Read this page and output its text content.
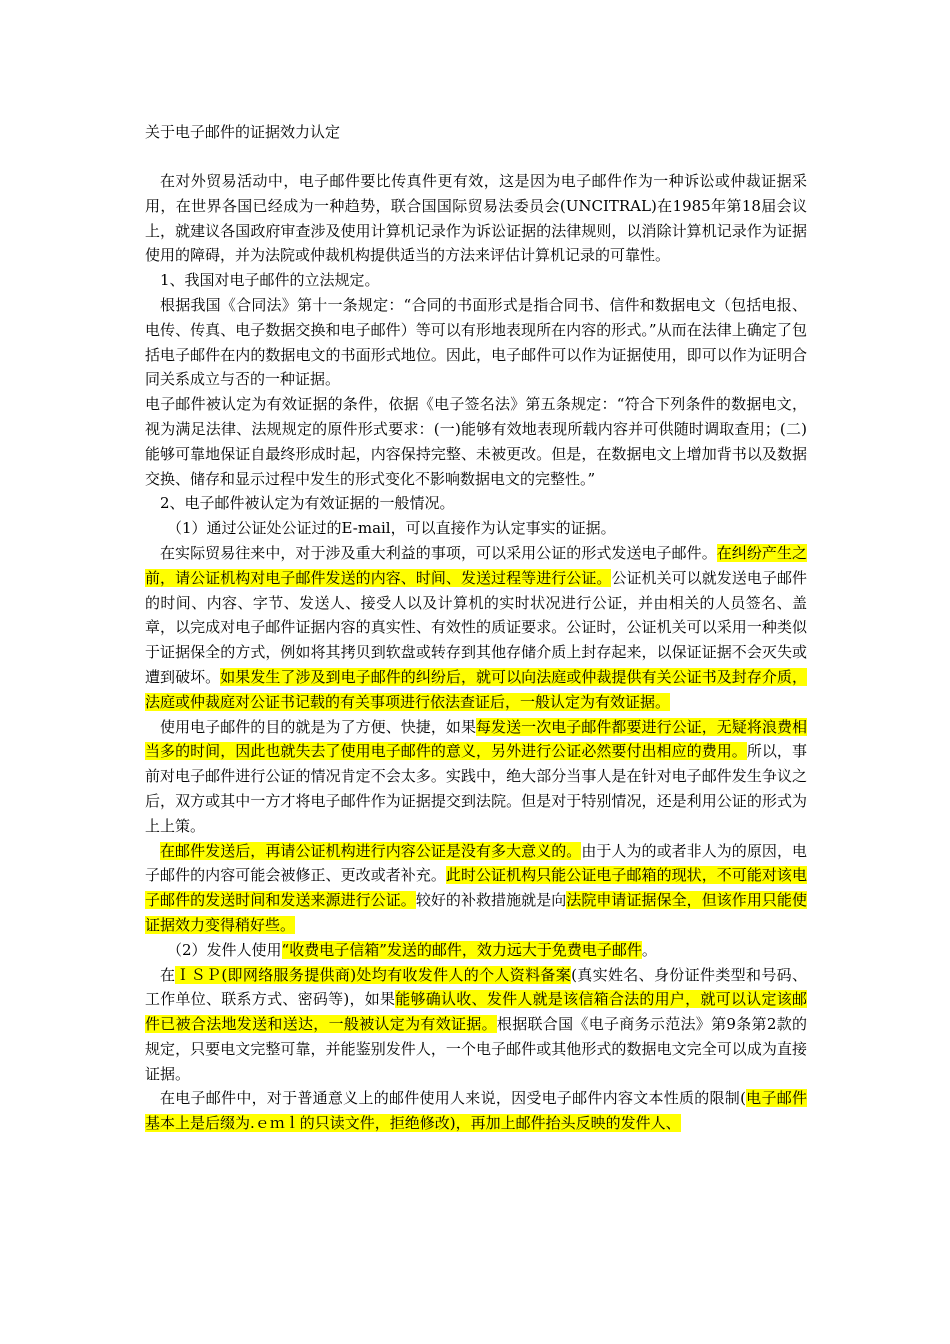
关于电子邮件的证据效力认定

在对外贸易活动中，电子邮件要比传真件更有效，这是因为电子邮件作为一种诉讼或仲裁证据采用，在世界各国已经成为一种趋势，联合国国际贸易法委员会(UNCITRAL)在1985年第18届会议上，就建议各国政府审查涉及使用计算机记录作为诉讼证据的法律规则，以消除计算机记录作为证据使用的障碍，并为法院或仲裁机构提供适当的方法来评估计算机记录的可靠性。

1、我国对电子邮件的立法规定。

根据我国《合同法》第十一条规定：“合同的书面形式是指合同书、信件和数据电文（包括电报、电传、传真、电子数据交换和电子邮件）等可以有形地表现所在内容的形式。”从而在法律上确定了包括电子邮件在内的数据电文的书面形式地位。因此，电子邮件可以作为证据使用，即可以作为证明合同关系成立与否的一种证据。

电子邮件被认定为有效证据的条件，依据《电子签名法》第五条规定：“符合下列条件的数据电文，视为满足法律、法规规定的原件形式要求：(一)能够有效地表现所载内容并可供随时调取查用；(二)能够可靠地保证自最终形成时起，内容保持完整、未被更改。但是，在数据电文上增加背书以及数据交换、储存和显示过程中发生的形式变化不影响数据电文的完整性。”

2、电子邮件被认定为有效证据的一般情况。

（1）通过公证处公证过的E-mail，可以直接作为认定事实的证据。

在实际贸易往来中，对于涉及重大利益的事项，可以采用公证的形式发送电子邮件。在纠纷产生之前，请公证机构对电子邮件发送的内容、时间、发送过程等进行公证。公证机关可以就发送电子邮件的时间、内容、字节、发送人、接受人以及计算机的实时状况进行公证，并由相关的人员签名、盖章，以完成对电子邮件证据内容的真实性、有效性的质证要求。公证时，公证机关可以采用一种类似于证据保全的方式，例如将其拷贝到软盘或转存到其他存储介质上封存起来，以保证证据不会灭失或遭到破坏。如果发生了涉及到电子邮件的纠纷后，就可以向法庭或仲裁提供有关公证书及封存介质，法庭或仲裁庭对公证书记载的有关事项进行依法查证后，一般认定为有效证据。

使用电子邮件的目的就是为了方便、快捷，如果每发送一次电子邮件都要进行公证，无疑将浪费相当多的时间，因此也就失去了使用电子邮件的意义，另外进行公证必然要付出相应的费用。所以，事前对电子邮件进行公证的情况肯定不会太多。实践中，绝大部分当事人是在针对电子邮件发生争议之后，双方或其中一方才将电子邮件作为证据提交到法院。但是对于特别情况，还是利用公证的形式为上上策。

在邮件发送后，再请公证机构进行内容公证是没有多大意义的。由于人为的或者非人为的原因，电子邮件的内容可能会被修正、更改或者补充。此时公证机构只能公证电子邮箱的现状，不可能对该电子邮件的发送时间和发送来源进行公证。较好的补救措施就是向法院申请证据保全，但该作用只能使证据效力变得稍好些。

（2）发件人使用“收费电子信箱”发送的邮件，效力远大于免费电子邮件。

在ＩＳＰ(即网络服务提供商)处均有收发件人的个人资料备案(真实姓名、身份证件类型和号码、工作单位、联系方式、密码等)，如果能够确认收、发件人就是该信箱合法的用户，就可以认定该邮件已被合法地发送和送达，一般被认定为有效证据。根据联合国《电子商务示范法》第9条第2款的规定，只要电文完整可靠，并能鉴别发件人，一个电子邮件或其他形式的数据电文完全可以成为直接证据。

在电子邮件中，对于普通意义上的邮件使用人来说，因受电子邮件内容文本性质的限制(电子邮件基本上是后缀为.ｅｍｌ的只读文件，拒绝修改)，再加上邮件抬头反映的发件人、
